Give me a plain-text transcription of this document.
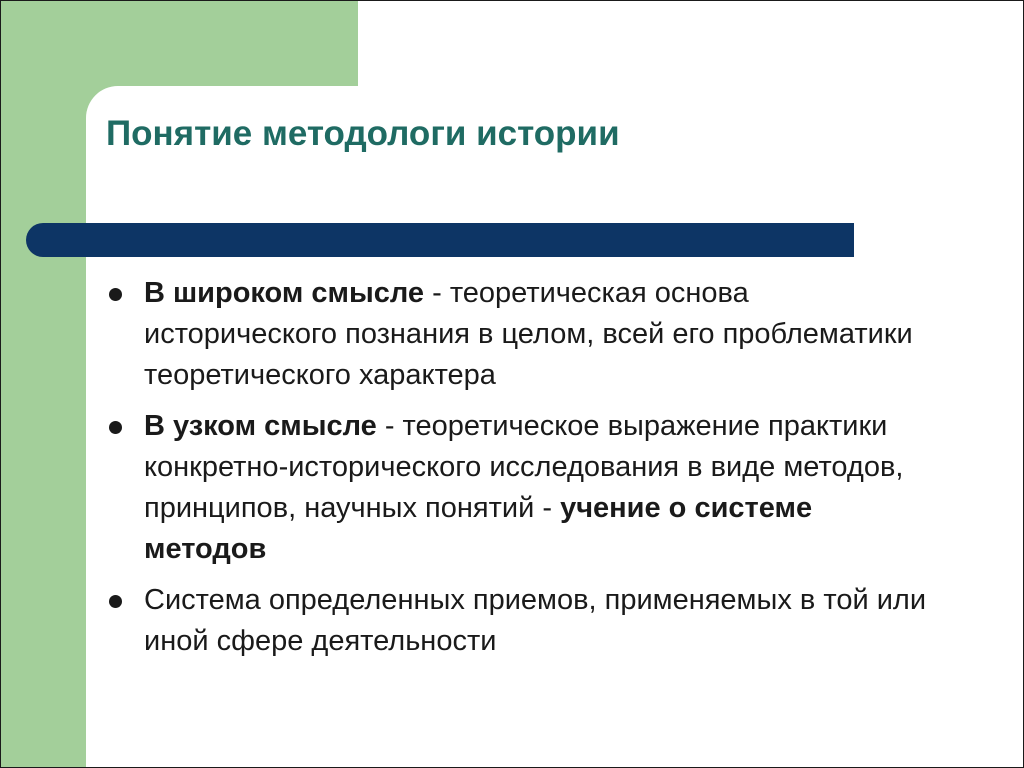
Понятие методологи истории
В широком смысле - теоретическая основа исторического познания в целом, всей его проблематики теоретического характера
В узком смысле - теоретическое выражение практики конкретно-исторического исследования в виде методов, принципов, научных понятий - учение о системе методов
Система определенных приемов, применяемых в той или иной сфере деятельности
